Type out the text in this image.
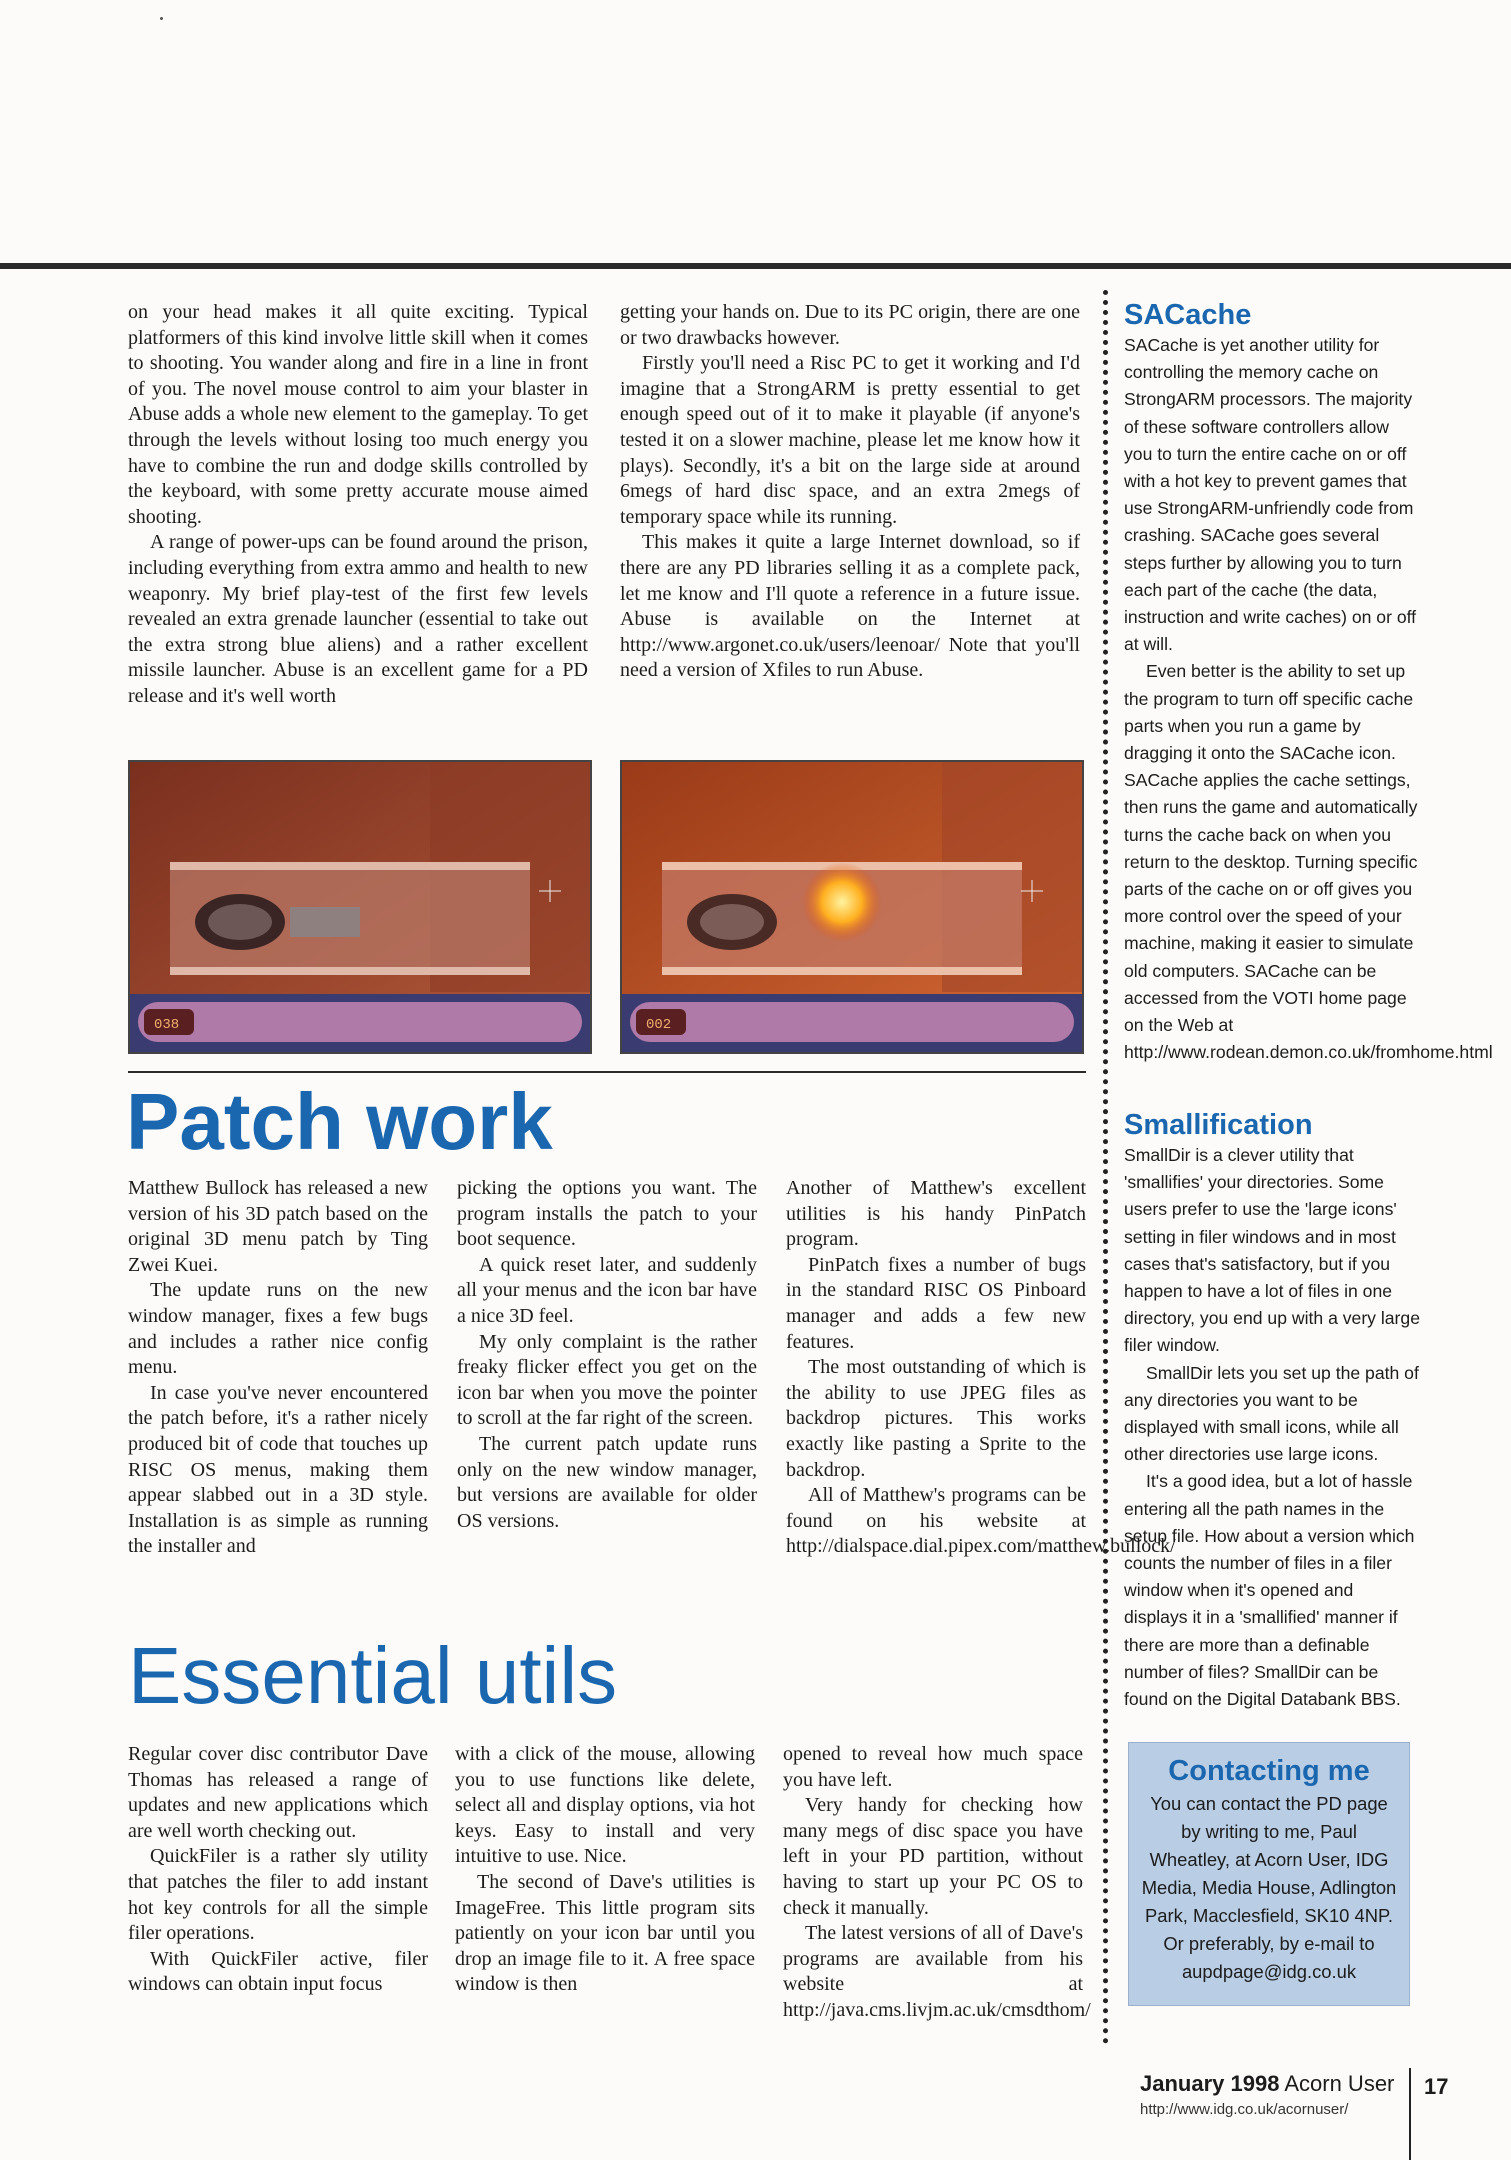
on your head makes it all quite exciting. Typical platformers of this kind involve little skill when it comes to shooting. You wander along and fire in a line in front of you. The novel mouse control to aim your blaster in Abuse adds a whole new element to the gameplay. To get through the levels without losing too much energy you have to combine the run and dodge skills controlled by the keyboard, with some pretty accurate mouse aimed shooting.

A range of power-ups can be found around the prison, including everything from extra ammo and health to new weaponry. My brief play-test of the first few levels revealed an extra grenade launcher (essential to take out the extra strong blue aliens) and a rather excellent missile launcher. Abuse is an excellent game for a PD release and it's well worth

getting your hands on. Due to its PC origin, there are one or two drawbacks however.

Firstly you'll need a Risc PC to get it working and I'd imagine that a StrongARM is pretty essential to get enough speed out of it to make it playable (if anyone's tested it on a slower machine, please let me know how it plays). Secondly, it's a bit on the large side at around 6megs of hard disc space, and an extra 2megs of temporary space while its running.

This makes it quite a large Internet download, so if there are any PD libraries selling it as a complete pack, let me know and I'll quote a reference in a future issue. Abuse is available on the Internet at http://www.argonet.co.uk/users/leenoar/ Note that you'll need a version of Xfiles to run Abuse.

038	002
Patch work

Matthew Bullock has released a new version of his 3D patch based on the original 3D menu patch by Ting Zwei Kuei.

The update runs on the new window manager, fixes a few bugs and includes a rather nice config menu.

In case you've never encountered the patch before, it's a rather nicely produced bit of code that touches up RISC OS menus, making them appear slabbed out in a 3D style. Installation is as simple as running the installer and

picking the options you want. The program installs the patch to your boot sequence.

A quick reset later, and suddenly all your menus and the icon bar have a nice 3D feel.

My only complaint is the rather freaky flicker effect you get on the icon bar when you move the pointer to scroll at the far right of the screen.

The current patch update runs only on the new window manager, but versions are available for older OS versions.

Another of Matthew's excellent utilities is his handy PinPatch program.

PinPatch fixes a number of bugs in the standard RISC OS Pinboard manager and adds a few new features.

The most outstanding of which is the ability to use JPEG files as backdrop pictures. This works exactly like pasting a Sprite to the backdrop.

All of Matthew's programs can be found on his website at http://dialspace.dial.pipex.com/matthew.bullock/

Essential utils

Regular cover disc contributor Dave Thomas has released a range of updates and new applications which are well worth checking out.

QuickFiler is a rather sly utility that patches the filer to add instant hot key controls for all the simple filer operations.

With QuickFiler active, filer windows can obtain input focus

with a click of the mouse, allowing you to use functions like delete, select all and display options, via hot keys. Easy to install and very intuitive to use. Nice.

The second of Dave's utilities is ImageFree. This little program sits patiently on your icon bar until you drop an image file to it. A free space window is then

opened to reveal how much space you have left.

Very handy for checking how many megs of disc space you have left in your PD partition, without having to start up your PC OS to check it manually.

The latest versions of all of Dave's programs are available from his website at http://java.cms.livjm.ac.uk/cmsdthom/

SACache

SACache is yet another utility for controlling the memory cache on StrongARM processors. The majority of these software controllers allow you to turn the entire cache on or off with a hot key to prevent games that use StrongARM-unfriendly code from crashing. SACache goes several steps further by allowing you to turn each part of the cache (the data, instruction and write caches) on or off at will.

Even better is the ability to set up the program to turn off specific cache parts when you run a game by dragging it onto the SACache icon. SACache applies the cache settings, then runs the game and automatically turns the cache back on when you return to the desktop. Turning specific parts of the cache on or off gives you more control over the speed of your machine, making it easier to simulate old computers. SACache can be accessed from the VOTI home page on the Web at http://www.rodean.demon.co.uk/fromhome.html

Smallification

SmallDir is a clever utility that 'smallifies' your directories. Some users prefer to use the 'large icons' setting in filer windows and in most cases that's satisfactory, but if you happen to have a lot of files in one directory, you end up with a very large filer window.

SmallDir lets you set up the path of any directories you want to be displayed with small icons, while all other directories use large icons.

It's a good idea, but a lot of hassle entering all the path names in the setup file. How about a version which counts the number of files in a filer window when it's opened and displays it in a 'smallified' manner if there are more than a definable number of files? SmallDir can be found on the Digital Databank BBS.

Contacting me
You can contact the PD page by writing to me, Paul Wheatley, at Acorn User, IDG Media, Media House, Adlington Park, Macclesfield, SK10 4NP. Or preferably, by e-mail to aupdpage@idg.co.uk
January 1998 Acorn User
http://www.idg.co.uk/acornuser/
17
